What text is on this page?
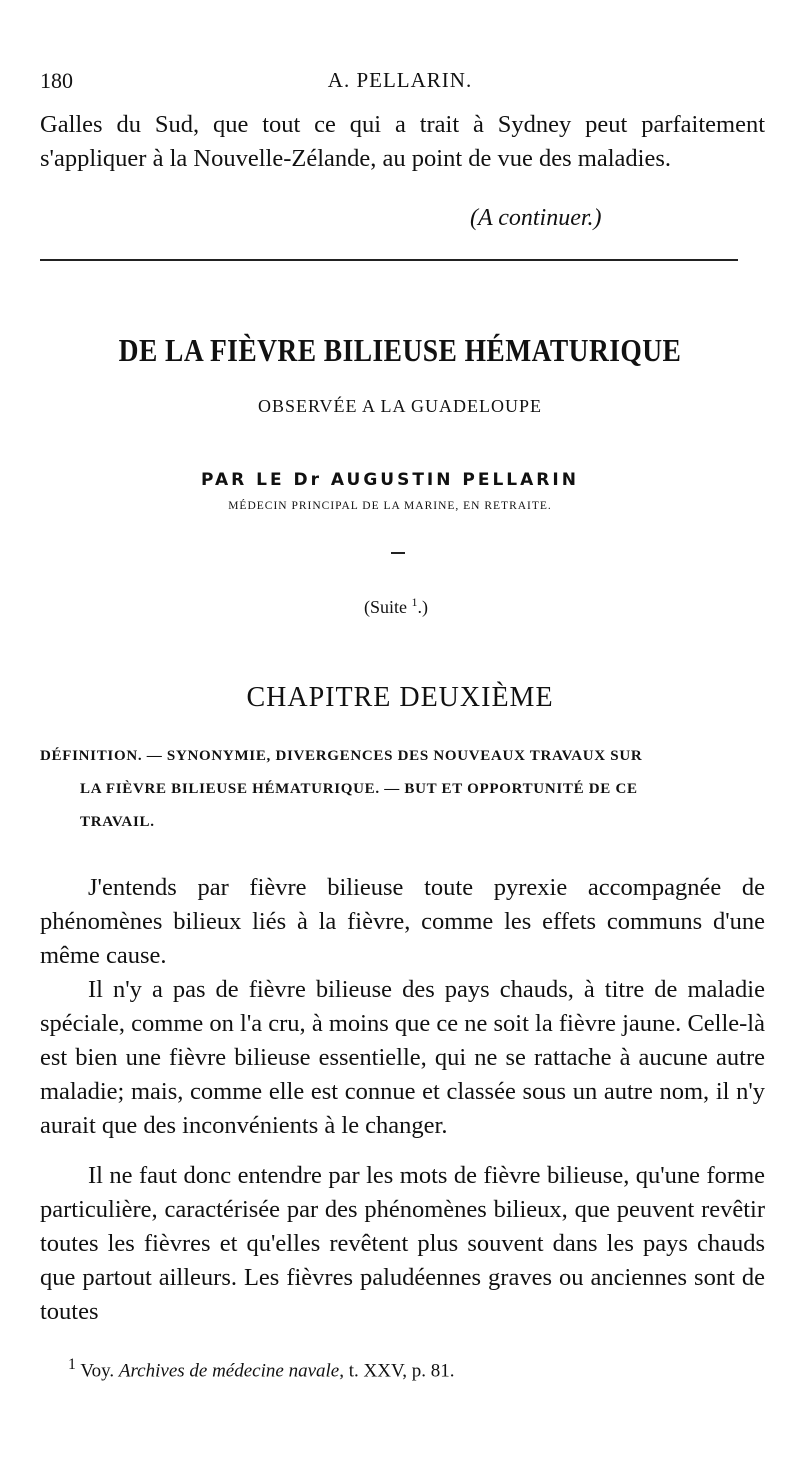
180	A. PELLARIN.
Galles du Sud, que tout ce qui a trait à Sydney peut parfaitement s'appliquer à la Nouvelle-Zélande, au point de vue des maladies.
(A continuer.)
DE LA FIÈVRE BILIEUSE HÉMATURIQUE
OBSERVÉE A LA GUADELOUPE
PAR LE Dr AUGUSTIN PELLARIN
MÉDECIN PRINCIPAL DE LA MARINE, EN RETRAITE.
(Suite $^1$.)
CHAPITRE DEUXIÈME
DÉFINITION. — SYNONYMIE, DIVERGENCES DES NOUVEAUX TRAVAUX SUR
LA FIÈVRE BILIEUSE HÉMATURIQUE. — BUT ET OPPORTUNITÉ DE CE
TRAVAIL.
J'entends par fièvre bilieuse toute pyrexie accompagnée de phénomènes bilieux liés à la fièvre, comme les effets communs d'une même cause.
Il n'y a pas de fièvre bilieuse des pays chauds, à titre de maladie spéciale, comme on l'a cru, à moins que ce ne soit la fièvre jaune. Celle-là est bien une fièvre bilieuse essentielle, qui ne se rattache à aucune autre maladie; mais, comme elle est connue et classée sous un autre nom, il n'y aurait que des inconvénients à le changer.
Il ne faut donc entendre par les mots de fièvre bilieuse, qu'une forme particulière, caractérisée par des phénomènes bilieux, que peuvent revêtir toutes les fièvres et qu'elles revêtent plus souvent dans les pays chauds que partout ailleurs. Les fièvres paludéennes graves ou anciennes sont de toutes
$^1$ Voy. Archives de médecine navale, t. XXV, p. 81.
